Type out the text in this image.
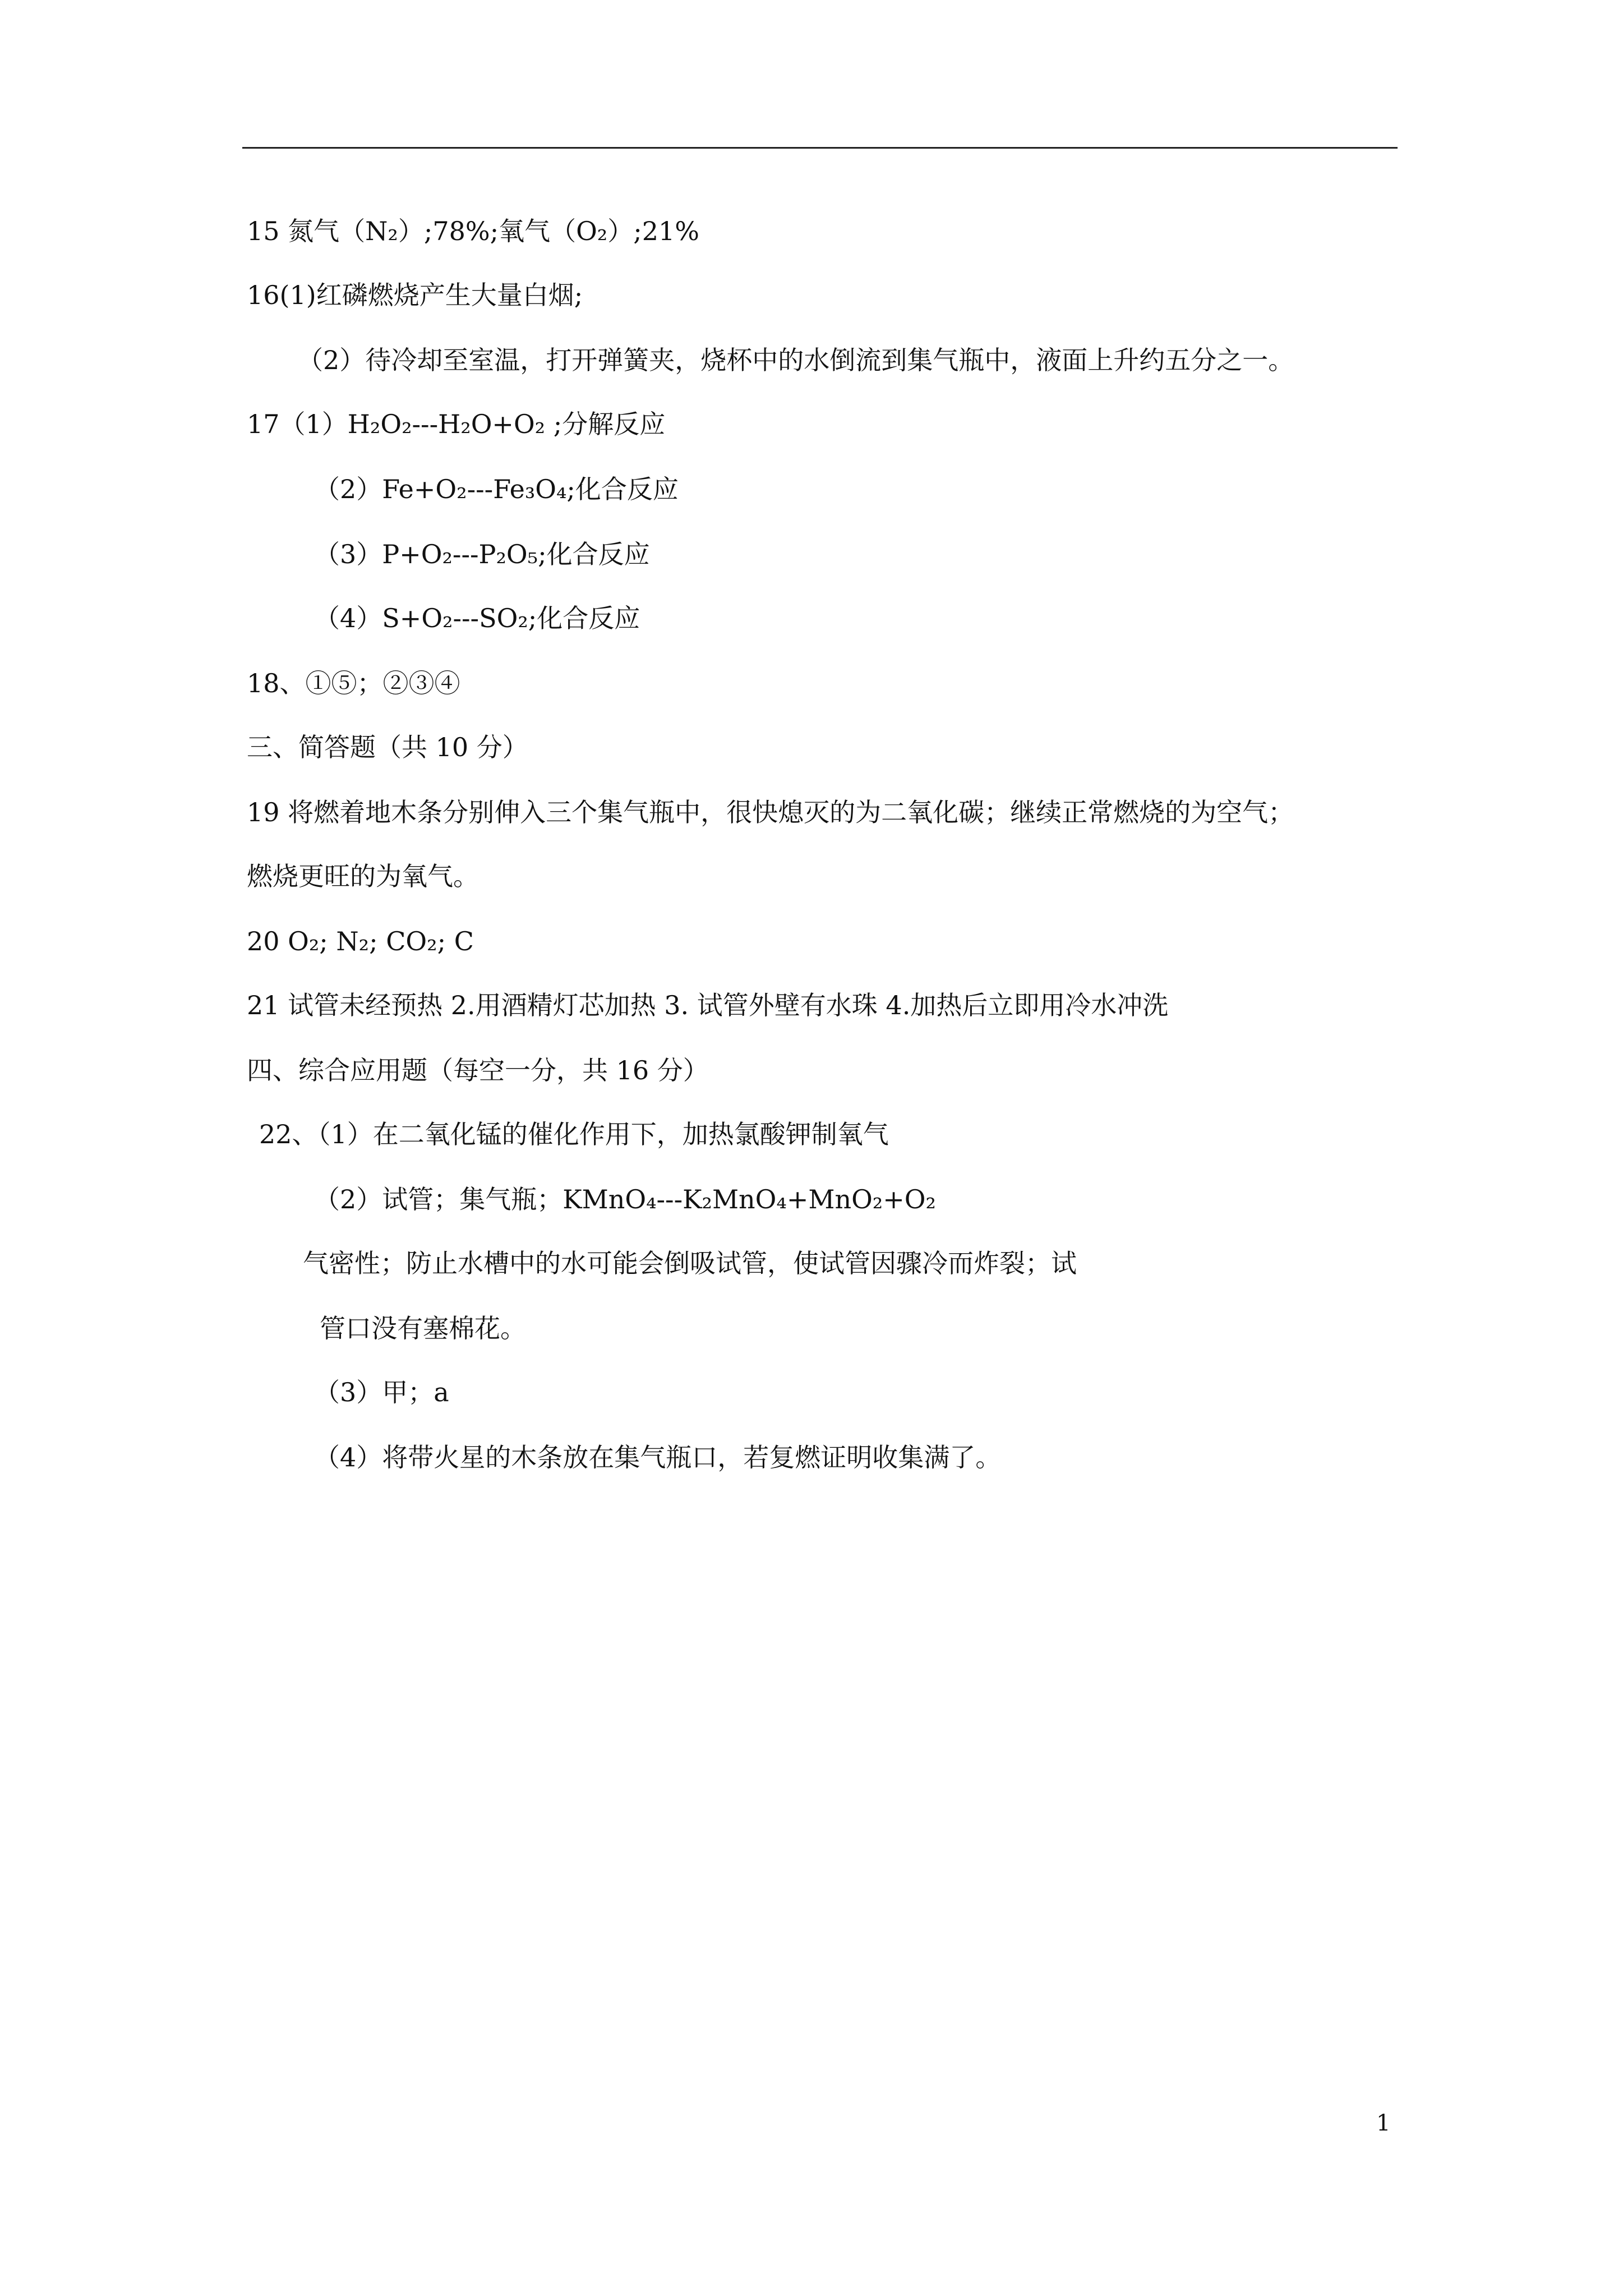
15 氮气（N₂）;78%;氧气（O₂）;21%
16(1)红磷燃烧产生大量白烟;
（2）待冷却至室温，打开弹簧夹，烧杯中的水倒流到集气瓶中，液面上升约五分之一。
17（1）H₂O₂---H₂O+O₂ ;分解反应
（2）Fe+O₂---Fe₃O₄;化合反应
（3）P+O₂---P₂O₅;化合反应
（4）S+O₂---SO₂;化合反应
18、①⑤；②③④
三、简答题（共 10 分）
19 将燃着地木条分别伸入三个集气瓶中，很快熄灭的为二氧化碳；继续正常燃烧的为空气；
燃烧更旺的为氧气。
20 O₂; N₂; CO₂; C
21 试管未经预热 2.用酒精灯芯加热 3. 试管外壁有水珠 4.加热后立即用冷水冲洗
四、综合应用题（每空一分，共 16 分）
22、（1）在二氧化锰的催化作用下，加热氯酸钾制氧气
（2）试管；集气瓶；KMnO₄---K₂MnO₄+MnO₂+O₂
气密性；防止水槽中的水可能会倒吸试管，使试管因骤冷而炸裂；试
管口没有塞棉花。
（3）甲；a
（4）将带火星的木条放在集气瓶口，若复燃证明收集满了。
1
